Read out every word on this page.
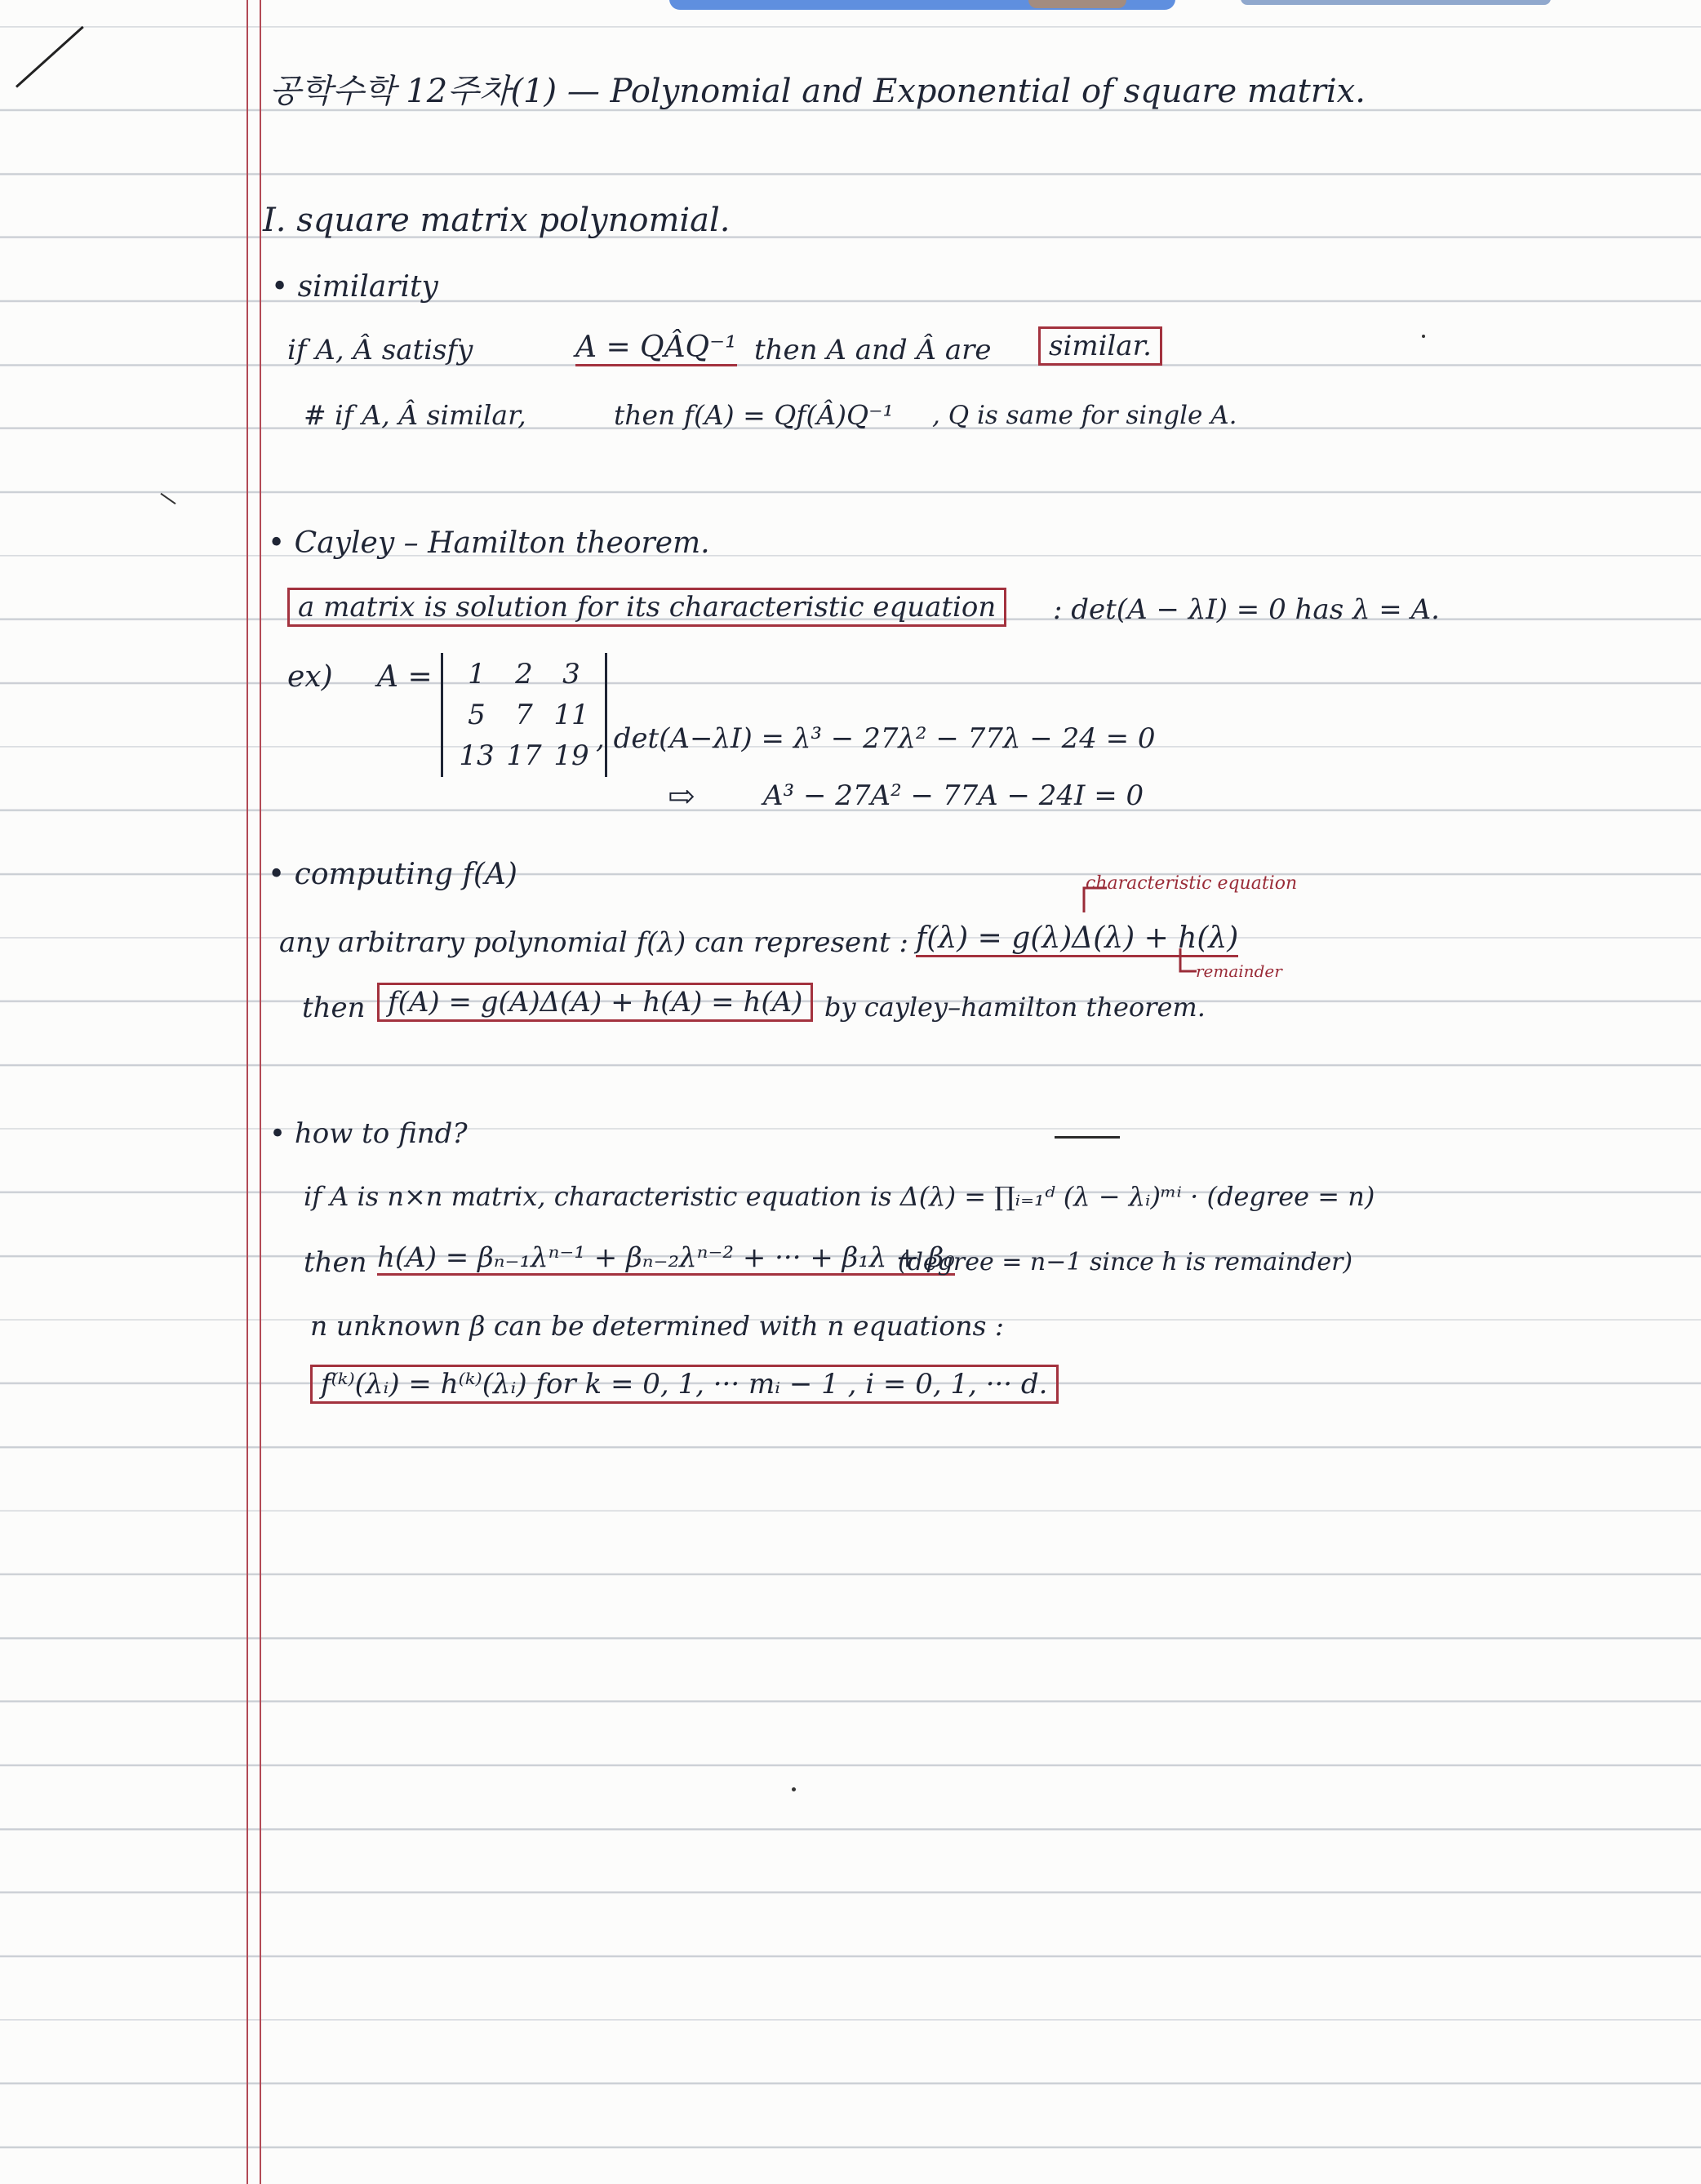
공학수학 12주차(1) — Polynomial and Exponential of square matrix.
I. square matrix polynomial.
• similarity
if A, Â satisfy	A = QÂQ⁻¹ then A and Â are	similar.
# if A, Â similar,	then f(A) = Qf(Â)Q⁻¹ , Q is same for single A.
• Cayley – Hamilton theorem.
a matrix is solution for its characteristic equation	: det(A − λI) = 0 has λ = A.
ex) A =	1	2	3
5	7 11
13 17 19
, det(A−λI) = λ³ − 27λ² − 77λ − 24 = 0
⇨ A³ − 27A² − 77A − 24I = 0
• computing f(A)	characteristic equation
any arbitrary polynomial f(λ) can represent : f(λ) = g(λ)Δ(λ) + h(λ)
remainder
then f(A) = g(A)Δ(A) + h(A) = h(A) by cayley–hamilton theorem.
• how to find?
if A is n×n matrix, characteristic equation is Δ(λ) = ∏ᵢ₌₁ᵈ (λ − λᵢ)ᵐⁱ · (degree = n)
then h(A) = βₙ₋₁λⁿ⁻¹ + βₙ₋₂λⁿ⁻² + ··· + β₁λ + β₀
(degree = n−1 since h is remainder)
n unknown β can be determined with n equations :
f⁽ᵏ⁾(λᵢ) = h⁽ᵏ⁾(λᵢ) for k = 0, 1, ··· mᵢ − 1 , i = 0, 1, ··· d.
